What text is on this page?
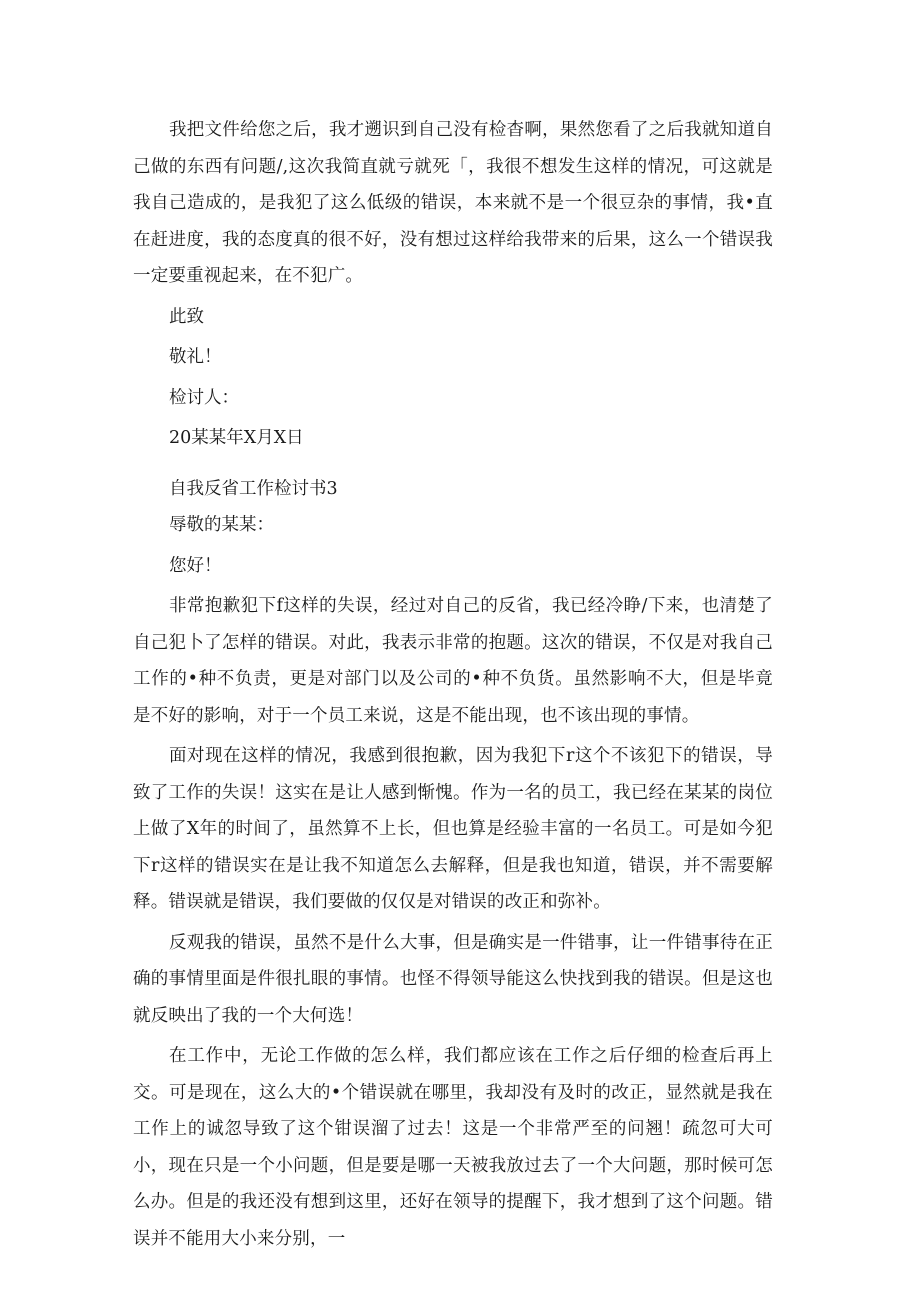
我把文件给您之后，我才遡识到自己没有检杳啊，果然您看了之后我就知道自己做的东西有问题/,这次我简直就亏就死「，我很不想发生这样的情况，可这就是我自己造成的，是我犯了这么低级的错误，本来就不是一个很豆杂的事情，我•直在赶进度，我的态度真的很不好，没有想过这样给我带来的后果，这么一个错误我一定要重视起来，在不犯广。

此致

敬礼！

检讨人：

20某某年X月X日

自我反省工作检讨书3

辱敬的某某：

您好！

非常抱歉犯下f这样的失误，经过对自己的反省，我已经冷睁/下来，也清楚了自己犯卜了怎样的错误。对此，我表示非常的抱题。这次的错误，不仅是对我自己工作的•种不负责，更是对部门以及公司的•种不负货。虽然影响不大，但是毕竟是不好的影响，对于一个员工来说，这是不能出现，也不该出现的事情。

面对现在这样的情况，我感到很抱歉，因为我犯下r这个不该犯下的错误，导致了工作的失误！这实在是让人感到惭愧。作为一名的员工，我已经在某某的岗位上做了X年的时间了，虽然算不上长，但也算是经验丰富的一名员工。可是如今犯下r这样的错误实在是让我不知道怎么去解释，但是我也知道，错误，并不需要解释。错误就是错误，我们要做的仅仅是对错误的改正和弥补。

反观我的错误，虽然不是什么大事，但是确实是一件错事，让一件错事待在正确的事情里面是件很扎眼的事情。也怪不得领导能这么快找到我的错误。但是这也就反映出了我的一个大何选！

在工作中，无论工作做的怎么样，我们都应该在工作之后仔细的检查后再上交。可是现在，这么大的•个错误就在哪里，我却没有及时的改正，显然就是我在工作上的诚忽导致了这个钳误溜了过去！这是一个非常严至的问翘！疏忽可大可小，现在只是一个小问题，但是要是哪一天被我放过去了一个大问题，那时候可怎么办。但是的我还没有想到这里，还好在领导的提醒下，我才想到了这个问题。错误并不能用大小来分别，一
